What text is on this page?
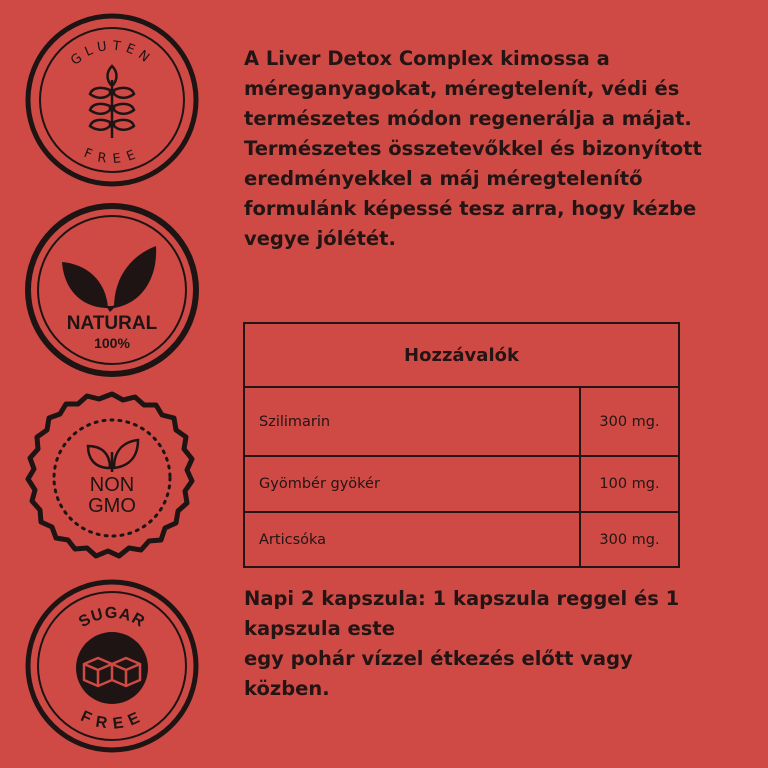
GLUTEN
FREE
NATURAL
100%
NON
GMO
SUGAR
FREE

A Liver Detox Complex kimossa a méreganyagokat, méregtelenít, védi és természetes módon regenerálja a májat.

Természetes összetevőkkel és bizonyított eredményekkel a máj méregtelenítő formulánk képessé tesz arra, hogy kézbe vegye jólétét.

Hozzávalók
Szilimarin	300 mg.
Gyömbér gyökér	100 mg.
Articsóka	300 mg.

Napi 2 kapszula: 1 kapszula reggel és 1 kapszula este

egy pohár vízzel étkezés előtt vagy közben.
